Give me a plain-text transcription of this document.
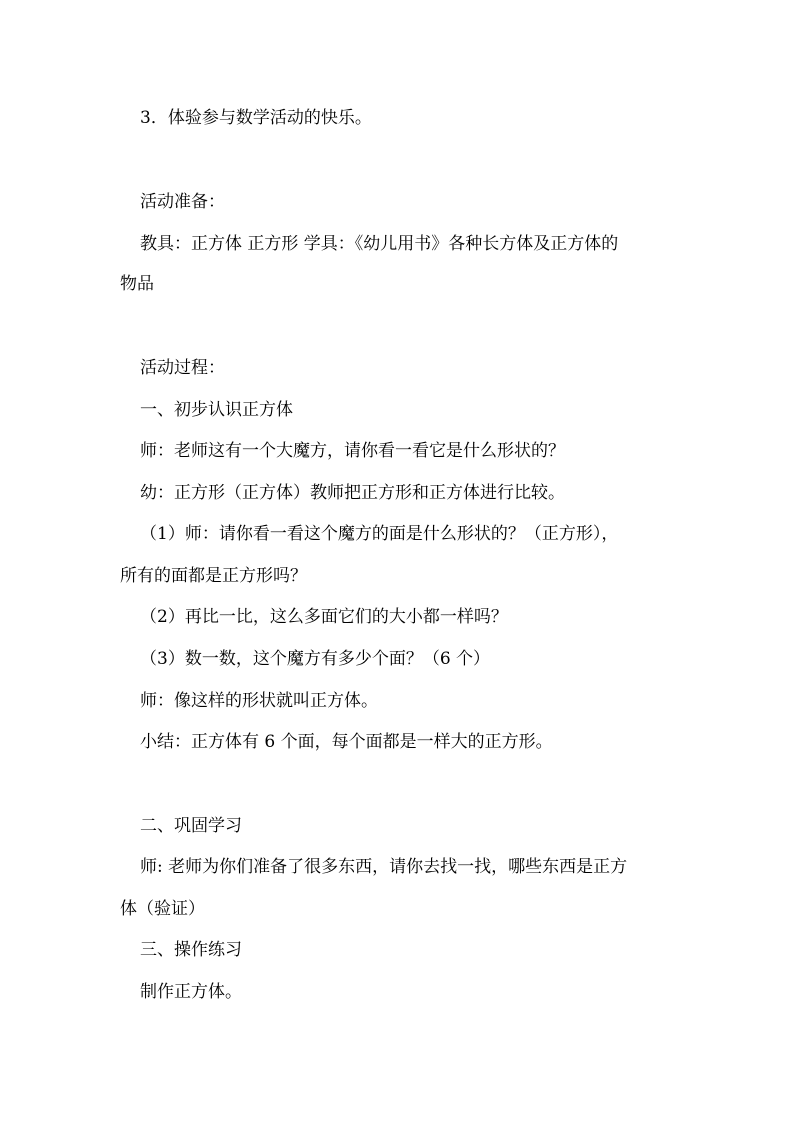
3．体验参与数学活动的快乐。
活动准备：
教具：正方体 正方形 学具：《幼儿用书》各种长方体及正方体的
物品
活动过程：
一、初步认识正方体
师：老师这有一个大魔方，请你看一看它是什么形状的？
幼：正方形（正方体）教师把正方形和正方体进行比较。
（1）师：请你看一看这个魔方的面是什么形状的？（正方形），
所有的面都是正方形吗？
（2）再比一比，这么多面它们的大小都一样吗？
（3）数一数，这个魔方有多少个面？（6 个）
师：像这样的形状就叫正方体。
小结：正方体有 6 个面，每个面都是一样大的正方形。
二、巩固学习
师: 老师为你们准备了很多东西，请你去找一找，哪些东西是正方
体（验证）
三、操作练习
制作正方体。
